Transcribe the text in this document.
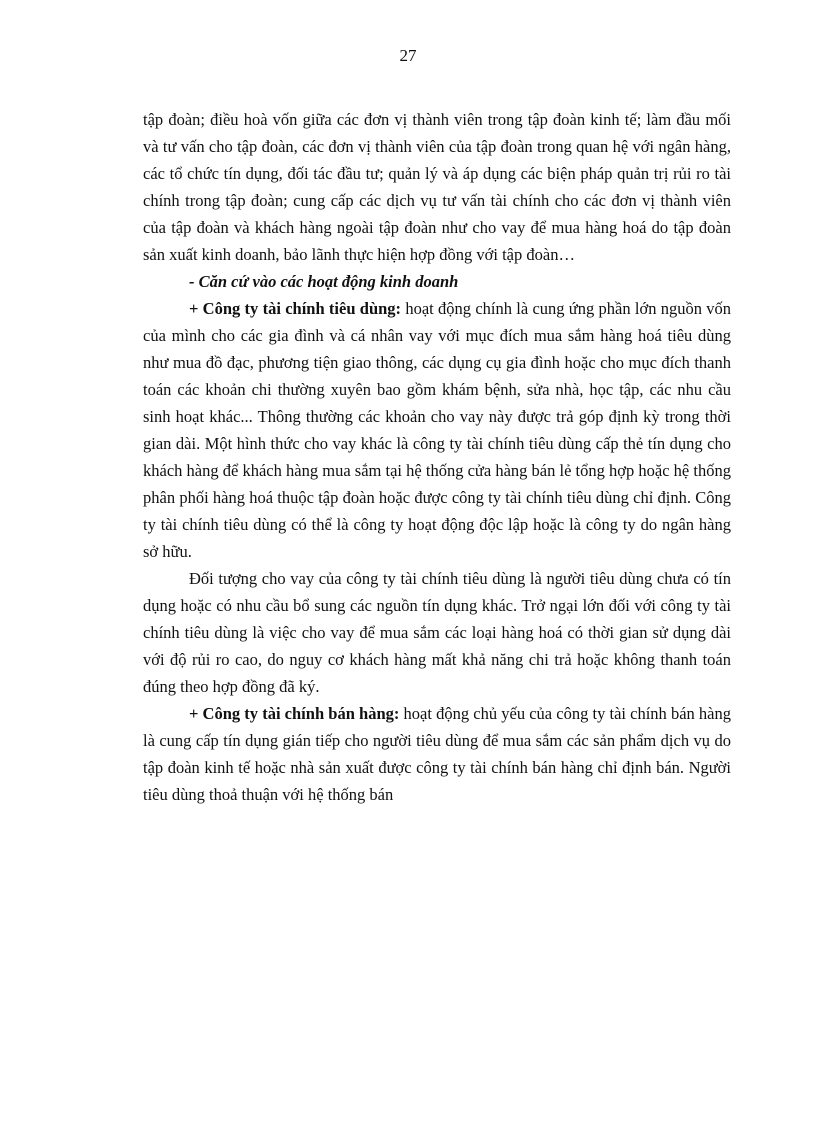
27

tập đoàn; điều hoà vốn giữa các đơn vị thành viên trong tập đoàn kinh tế; làm đầu mối và tư vấn cho tập đoàn, các đơn vị thành viên của tập đoàn trong quan hệ với ngân hàng, các tổ chức tín dụng, đối tác đầu tư; quản lý và áp dụng các biện pháp quản trị rủi ro tài chính trong tập đoàn; cung cấp các dịch vụ tư vấn tài chính cho các đơn vị thành viên của tập đoàn và khách hàng ngoài tập đoàn như cho vay để mua hàng hoá do tập đoàn sản xuất kinh doanh, bảo lãnh thực hiện hợp đồng với tập đoàn…

- Căn cứ vào các hoạt động kinh doanh

+ Công ty tài chính tiêu dùng: hoạt động chính là cung ứng phần lớn nguồn vốn của mình cho các gia đình và cá nhân vay với mục đích mua sắm hàng hoá tiêu dùng như mua đồ đạc, phương tiện giao thông, các dụng cụ gia đình hoặc cho mục đích thanh toán các khoản chi thường xuyên bao gồm khám bệnh, sửa nhà, học tập, các nhu cầu sinh hoạt khác... Thông thường các khoản cho vay này được trả góp định kỳ trong thời gian dài. Một hình thức cho vay khác là công ty tài chính tiêu dùng cấp thẻ tín dụng cho khách hàng để khách hàng mua sắm tại hệ thống cửa hàng bán lẻ tổng hợp hoặc hệ thống phân phối hàng hoá thuộc tập đoàn hoặc được công ty tài chính tiêu dùng chỉ định. Công ty tài chính tiêu dùng có thể là công ty hoạt động độc lập hoặc là công ty do ngân hàng sở hữu.

Đối tượng cho vay của công ty tài chính tiêu dùng là người tiêu dùng chưa có tín dụng hoặc có nhu cầu bổ sung các nguồn tín dụng khác. Trở ngại lớn đối với công ty tài chính tiêu dùng là việc cho vay để mua sắm các loại hàng hoá có thời gian sử dụng dài với độ rủi ro cao, do nguy cơ khách hàng mất khả năng chi trả hoặc không thanh toán đúng theo hợp đồng đã ký.

+ Công ty tài chính bán hàng: hoạt động chủ yếu của công ty tài chính bán hàng là cung cấp tín dụng gián tiếp cho người tiêu dùng để mua sắm các sản phẩm dịch vụ do tập đoàn kinh tế hoặc nhà sản xuất được công ty tài chính bán hàng chỉ định bán. Người tiêu dùng thoả thuận với hệ thống bán
